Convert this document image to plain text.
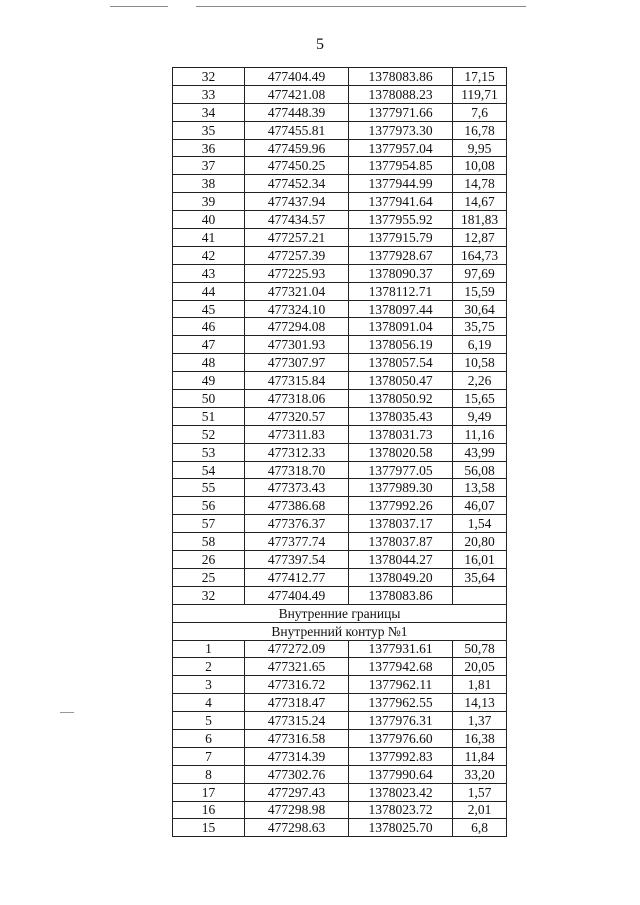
5
32	477404.49	1378083.86	17,15
33	477421.08	1378088.23	119,71
34	477448.39	1377971.66	7,6
35	477455.81	1377973.30	16,78
36	477459.96	1377957.04	9,95
37	477450.25	1377954.85	10,08
38	477452.34	1377944.99	14,78
39	477437.94	1377941.64	14,67
40	477434.57	1377955.92	181,83
41	477257.21	1377915.79	12,87
42	477257.39	1377928.67	164,73
43	477225.93	1378090.37	97,69
44	477321.04	1378112.71	15,59
45	477324.10	1378097.44	30,64
46	477294.08	1378091.04	35,75
47	477301.93	1378056.19	6,19
48	477307.97	1378057.54	10,58
49	477315.84	1378050.47	2,26
50	477318.06	1378050.92	15,65
51	477320.57	1378035.43	9,49
52	477311.83	1378031.73	11,16
53	477312.33	1378020.58	43,99
54	477318.70	1377977.05	56,08
55	477373.43	1377989.30	13,58
56	477386.68	1377992.26	46,07
57	477376.37	1378037.17	1,54
58	477377.74	1378037.87	20,80
26	477397.54	1378044.27	16,01
25	477412.77	1378049.20	35,64
32	477404.49	1378083.86	
Внутренние границы			
Внутренний контур №1			
1	477272.09	1377931.61	50,78
2	477321.65	1377942.68	20,05
3	477316.72	1377962.11	1,81
4	477318.47	1377962.55	14,13
5	477315.24	1377976.31	1,37
6	477316.58	1377976.60	16,38
7	477314.39	1377992.83	11,84
8	477302.76	1377990.64	33,20
17	477297.43	1378023.42	1,57
16	477298.98	1378023.72	2,01
15	477298.63	1378025.70	6,8
